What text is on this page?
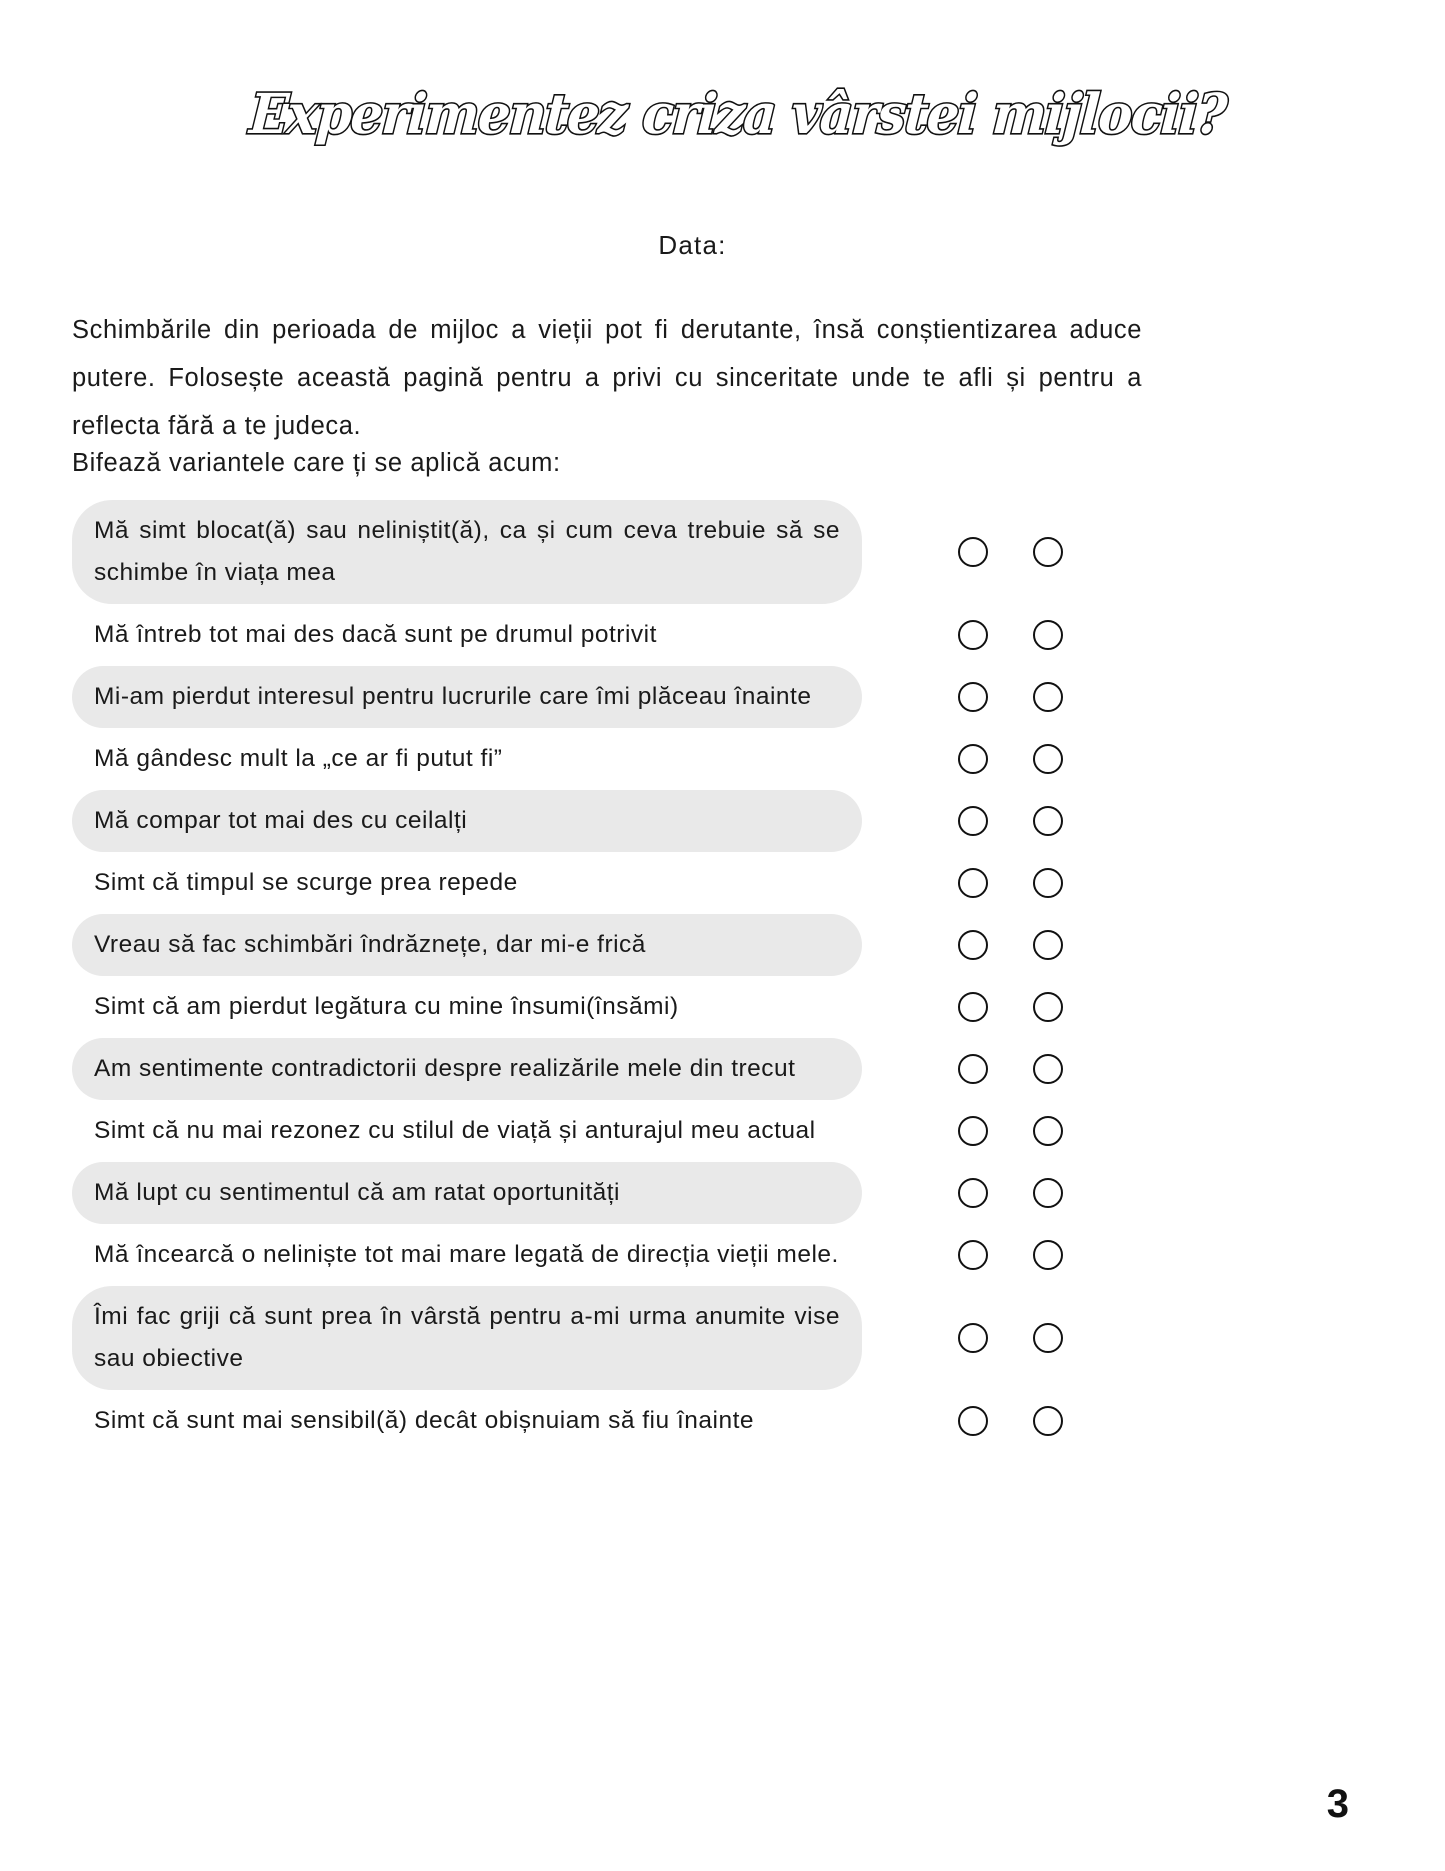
Experimentez criza vârstei mijlocii?
Data:
Schimbările din perioada de mijloc a vieții pot fi derutante, însă conștientizarea aduce putere. Folosește această pagină pentru a privi cu sinceritate unde te afli și pentru a reflecta fără a te judeca.
Bifează variantele care ți se aplică acum:
Mă simt blocat(ă) sau neliniștit(ă), ca și cum ceva trebuie să se schimbe în viața mea
Mă întreb tot mai des dacă sunt pe drumul potrivit
Mi-am pierdut interesul pentru lucrurile care îmi plăceau înainte
Mă gândesc mult la „ce ar fi putut fi”
Mă compar tot mai des cu ceilalți
Simt că timpul se scurge prea repede
Vreau să fac schimbări îndrăznețe, dar mi-e frică
Simt că am pierdut legătura cu mine însumi(însămi)
Am sentimente contradictorii despre realizările mele din trecut
Simt că nu mai rezonez cu stilul de viață și anturajul meu actual
Mă lupt cu sentimentul că am ratat oportunități
Mă încearcă o neliniște tot mai mare legată de direcția vieții mele.
Îmi fac griji că sunt prea în vârstă pentru a-mi urma anumite vise sau obiective
Simt că sunt mai sensibil(ă) decât obișnuiam să fiu înainte
3
